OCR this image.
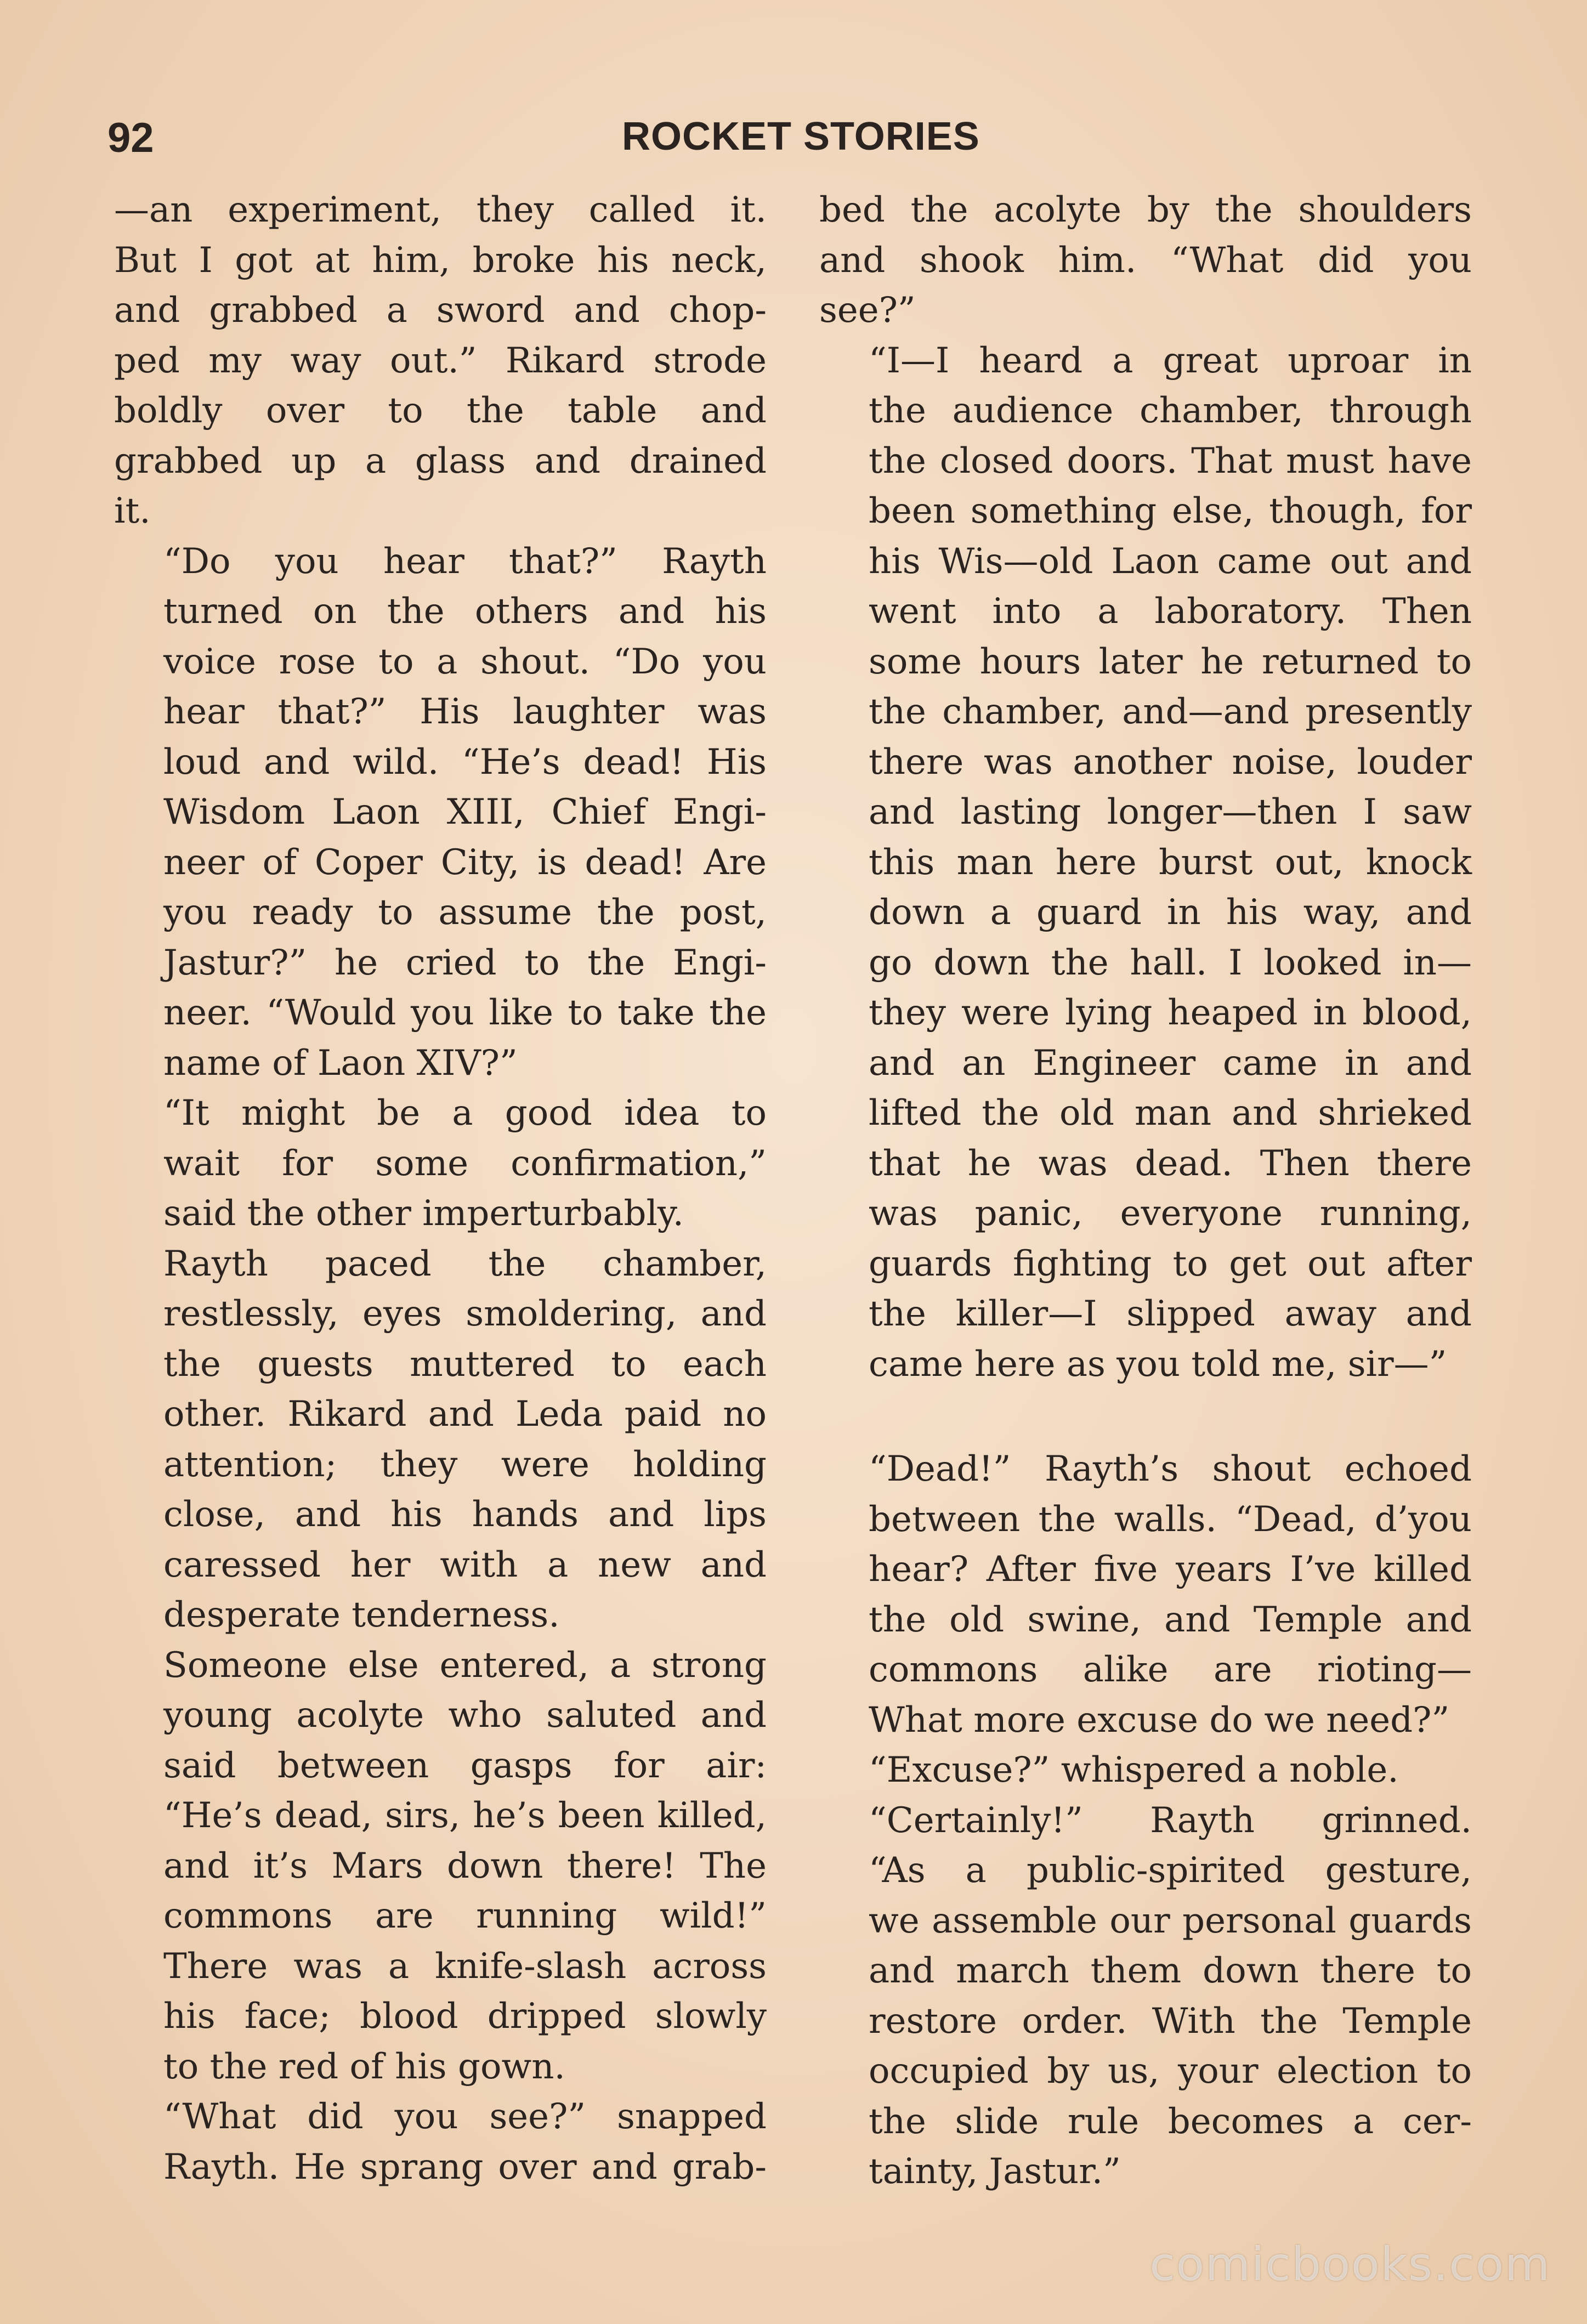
92	ROCKET STORIES

—an experiment, they called it.
But I got at him, broke his neck,
and grabbed a sword and chop-
ped my way out.” Rikard strode
boldly over to the table and
grabbed up a glass and drained
it.

“Do you hear that?” Rayth
turned on the others and his
voice rose to a shout. “Do you
hear that?” His laughter was
loud and wild. “He’s dead! His
Wisdom Laon XIII, Chief Engi-
neer of Coper City, is dead! Are
you ready to assume the post,
Jastur?” he cried to the Engi-
neer. “Would you like to take the
name of Laon XIV?”

“It might be a good idea to
wait for some confirmation,”
said the other imperturbably.

Rayth paced the chamber,
restlessly, eyes smoldering, and
the guests muttered to each
other. Rikard and Leda paid no
attention; they were holding
close, and his hands and lips
caressed her with a new and
desperate tenderness.

Someone else entered, a strong
young acolyte who saluted and
said between gasps for air:
“He’s dead, sirs, he’s been killed,
and it’s Mars down there! The
commons are running wild!”
There was a knife-slash across
his face; blood dripped slowly
to the red of his gown.

“What did you see?” snapped
Rayth. He sprang over and grab-

bed the acolyte by the shoulders
and shook him. “What did you
see?”

“I—I heard a great uproar in
the audience chamber, through
the closed doors. That must have
been something else, though, for
his Wis—old Laon came out and
went into a laboratory. Then
some hours later he returned to
the chamber, and—and presently
there was another noise, louder
and lasting longer—then I saw
this man here burst out, knock
down a guard in his way, and
go down the hall. I looked in—
they were lying heaped in blood,
and an Engineer came in and
lifted the old man and shrieked
that he was dead. Then there
was panic, everyone running,
guards fighting to get out after
the killer—I slipped away and
came here as you told me, sir—”

“Dead!” Rayth’s shout echoed
between the walls. “Dead, d’you
hear? After five years I’ve killed
the old swine, and Temple and
commons alike are rioting—
What more excuse do we need?”

“Excuse?” whispered a noble.

“Certainly!” Rayth grinned.
“As a public-spirited gesture,
we assemble our personal guards
and march them down there to
restore order. With the Temple
occupied by us, your election to
the slide rule becomes a cer-
tainty, Jastur.”

comicbooks.com
